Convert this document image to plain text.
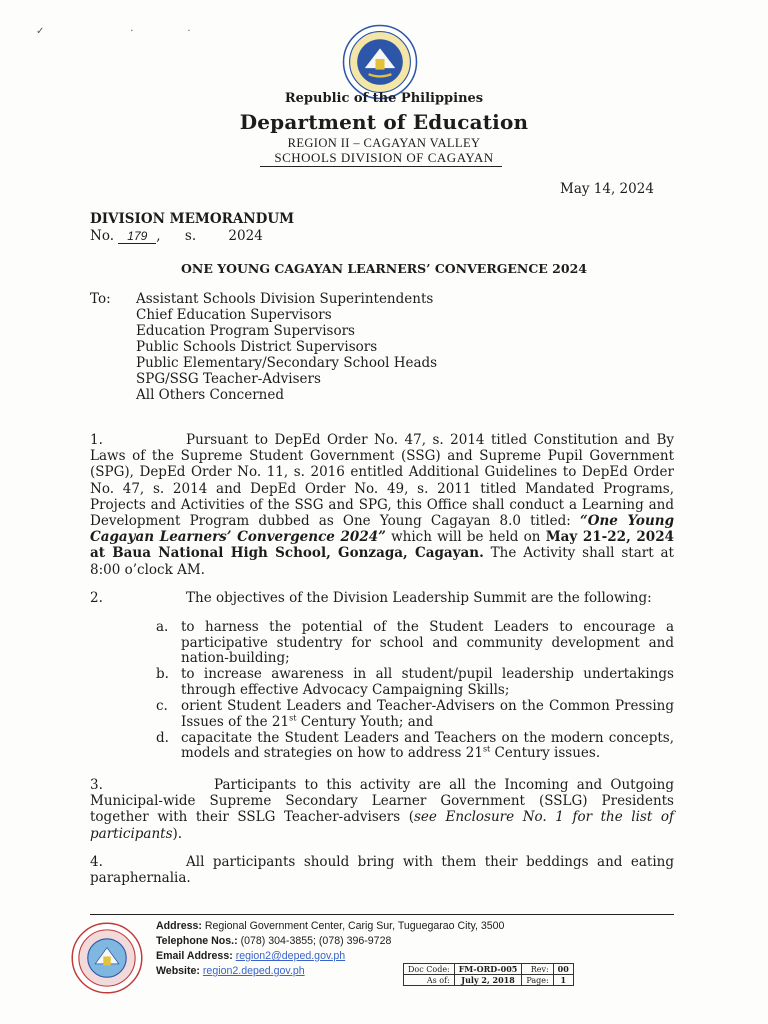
✓                           ·                 ·
Republic of the Philippines
Department of Education
REGION II – CAGAYAN VALLEY
SCHOOLS DIVISION OF CAGAYAN
May 14, 2024
DIVISION MEMORANDUM
No. 179 , s. 2024
ONE YOUNG CAGAYAN LEARNERS’ CONVERGENCE 2024
To: Assistant Schools Division Superintendents
Chief Education Supervisors
Education Program Supervisors
Public Schools District Supervisors
Public Elementary/Secondary School Heads
SPG/SSG Teacher-Advisers
All Others Concerned
1.	Pursuant to DepEd Order No. 47, s. 2014 titled Constitution and By Laws of the Supreme Student Government (SSG) and Supreme Pupil Government (SPG), DepEd Order No. 11, s. 2016 entitled Additional Guidelines to DepEd Order No. 47, s. 2014 and DepEd Order No. 49, s. 2011 titled Mandated Programs, Projects and Activities of the SSG and SPG, this Office shall conduct a Learning and Development Program dubbed as One Young Cagayan 8.0 titled: “One Young Cagayan Learners’ Convergence 2024” which will be held on May 21-22, 2024 at Baua National High School, Gonzaga, Cagayan. The Activity shall start at 8:00 o’clock AM.
2.	The objectives of the Division Leadership Summit are the following:
a. to harness the potential of the Student Leaders to encourage a participative studentry for school and community development and nation-building;
b. to increase awareness in all student/pupil leadership undertakings through effective Advocacy Campaigning Skills;
c. orient Student Leaders and Teacher-Advisers on the Common Pressing Issues of the 21st Century Youth; and
d. capacitate the Student Leaders and Teachers on the modern concepts, models and strategies on how to address 21st Century issues.
3.	Participants to this activity are all the Incoming and Outgoing Municipal-wide Supreme Secondary Learner Government (SSLG) Presidents together with their SSLG Teacher-advisers (see Enclosure No. 1 for the list of participants).
4.	All participants should bring with them their beddings and eating paraphernalia.
Address: Regional Government Center, Carig Sur, Tuguegarao City, 3500
Telephone Nos.: (078) 304-3855; (078) 396-9728
Email Address: region2@deped.gov.ph
Website: region2.deped.gov.ph	Doc Code:	FM-ORD-005	Rev:	00
As of:	July 2, 2018	Page:	1
